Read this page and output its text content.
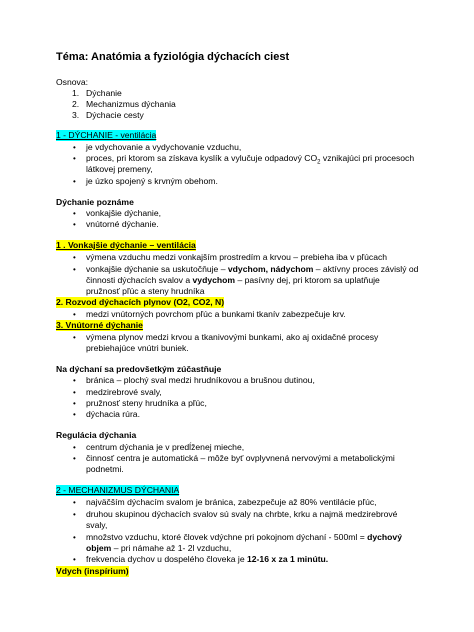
Téma: Anatómia a fyziológia dýchacích ciest
Osnova:
1. Dýchanie
2. Mechanizmus dýchania
3. Dýchacie cesty
1 - DÝCHANIE - ventilácia
• je vdychovanie a vydychovanie vzduchu,
• proces, pri ktorom sa získava kyslík a vylučuje odpadový $CO_2$ vznikajúci pri procesoch
látkovej premeny,
• je úzko spojený s krvným obehom.
Dýchanie poznáme
• vonkajšie dýchanie,
• vnútorné dýchanie.
1 . Vonkajšie dýchanie – ventilácia
• výmena vzduchu medzi vonkajším prostredím a krvou – prebieha iba v pľúcach
• vonkajšie dýchanie sa uskutočňuje – vdychom, nádychom – aktívny proces závislý od
činnosti dýchacích svalov a vydychom – pasívny dej, pri ktorom sa uplatňuje
pružnosť pľúc a steny hrudníka
2. Rozvod dýchacích plynov (O2, CO2, N)
• medzi vnútorných povrchom pľúc a bunkami tkanív zabezpečuje krv.
3. Vnútorné dýchanie
• výmena plynov medzi krvou a tkanivovými bunkami, ako aj oxidačné procesy
prebiehajúce vnútri buniek.
Na dýchaní sa predovšetkým zúčastňuje
• bránica – plochý sval medzi hrudníkovou a brušnou dutinou,
• medzirebrové svaly,
• pružnosť steny hrudníka a pľúc,
• dýchacia rúra.
Regulácia dýchania
• centrum dýchania je v predĺženej mieche,
• činnosť centra je automatická – môže byť ovplyvnená nervovými a metabolickými
podnetmi.
2 - MECHANIZMUS DÝCHANIA
• najväčším dýchacím svalom je bránica, zabezpečuje až 80% ventilácie pľúc,
• druhou skupinou dýchacích svalov sú svaly na chrbte, krku a najmä medzirebrové
svaly,
• množstvo vzduchu, ktoré človek vdýchne pri pokojnom dýchaní - 500ml = dychový
objem – pri námahe až 1- 2l vzduchu,
• frekvencia dychov u dospelého človeka je 12-16 x za 1 minútu.
Vdych (inspírium)
